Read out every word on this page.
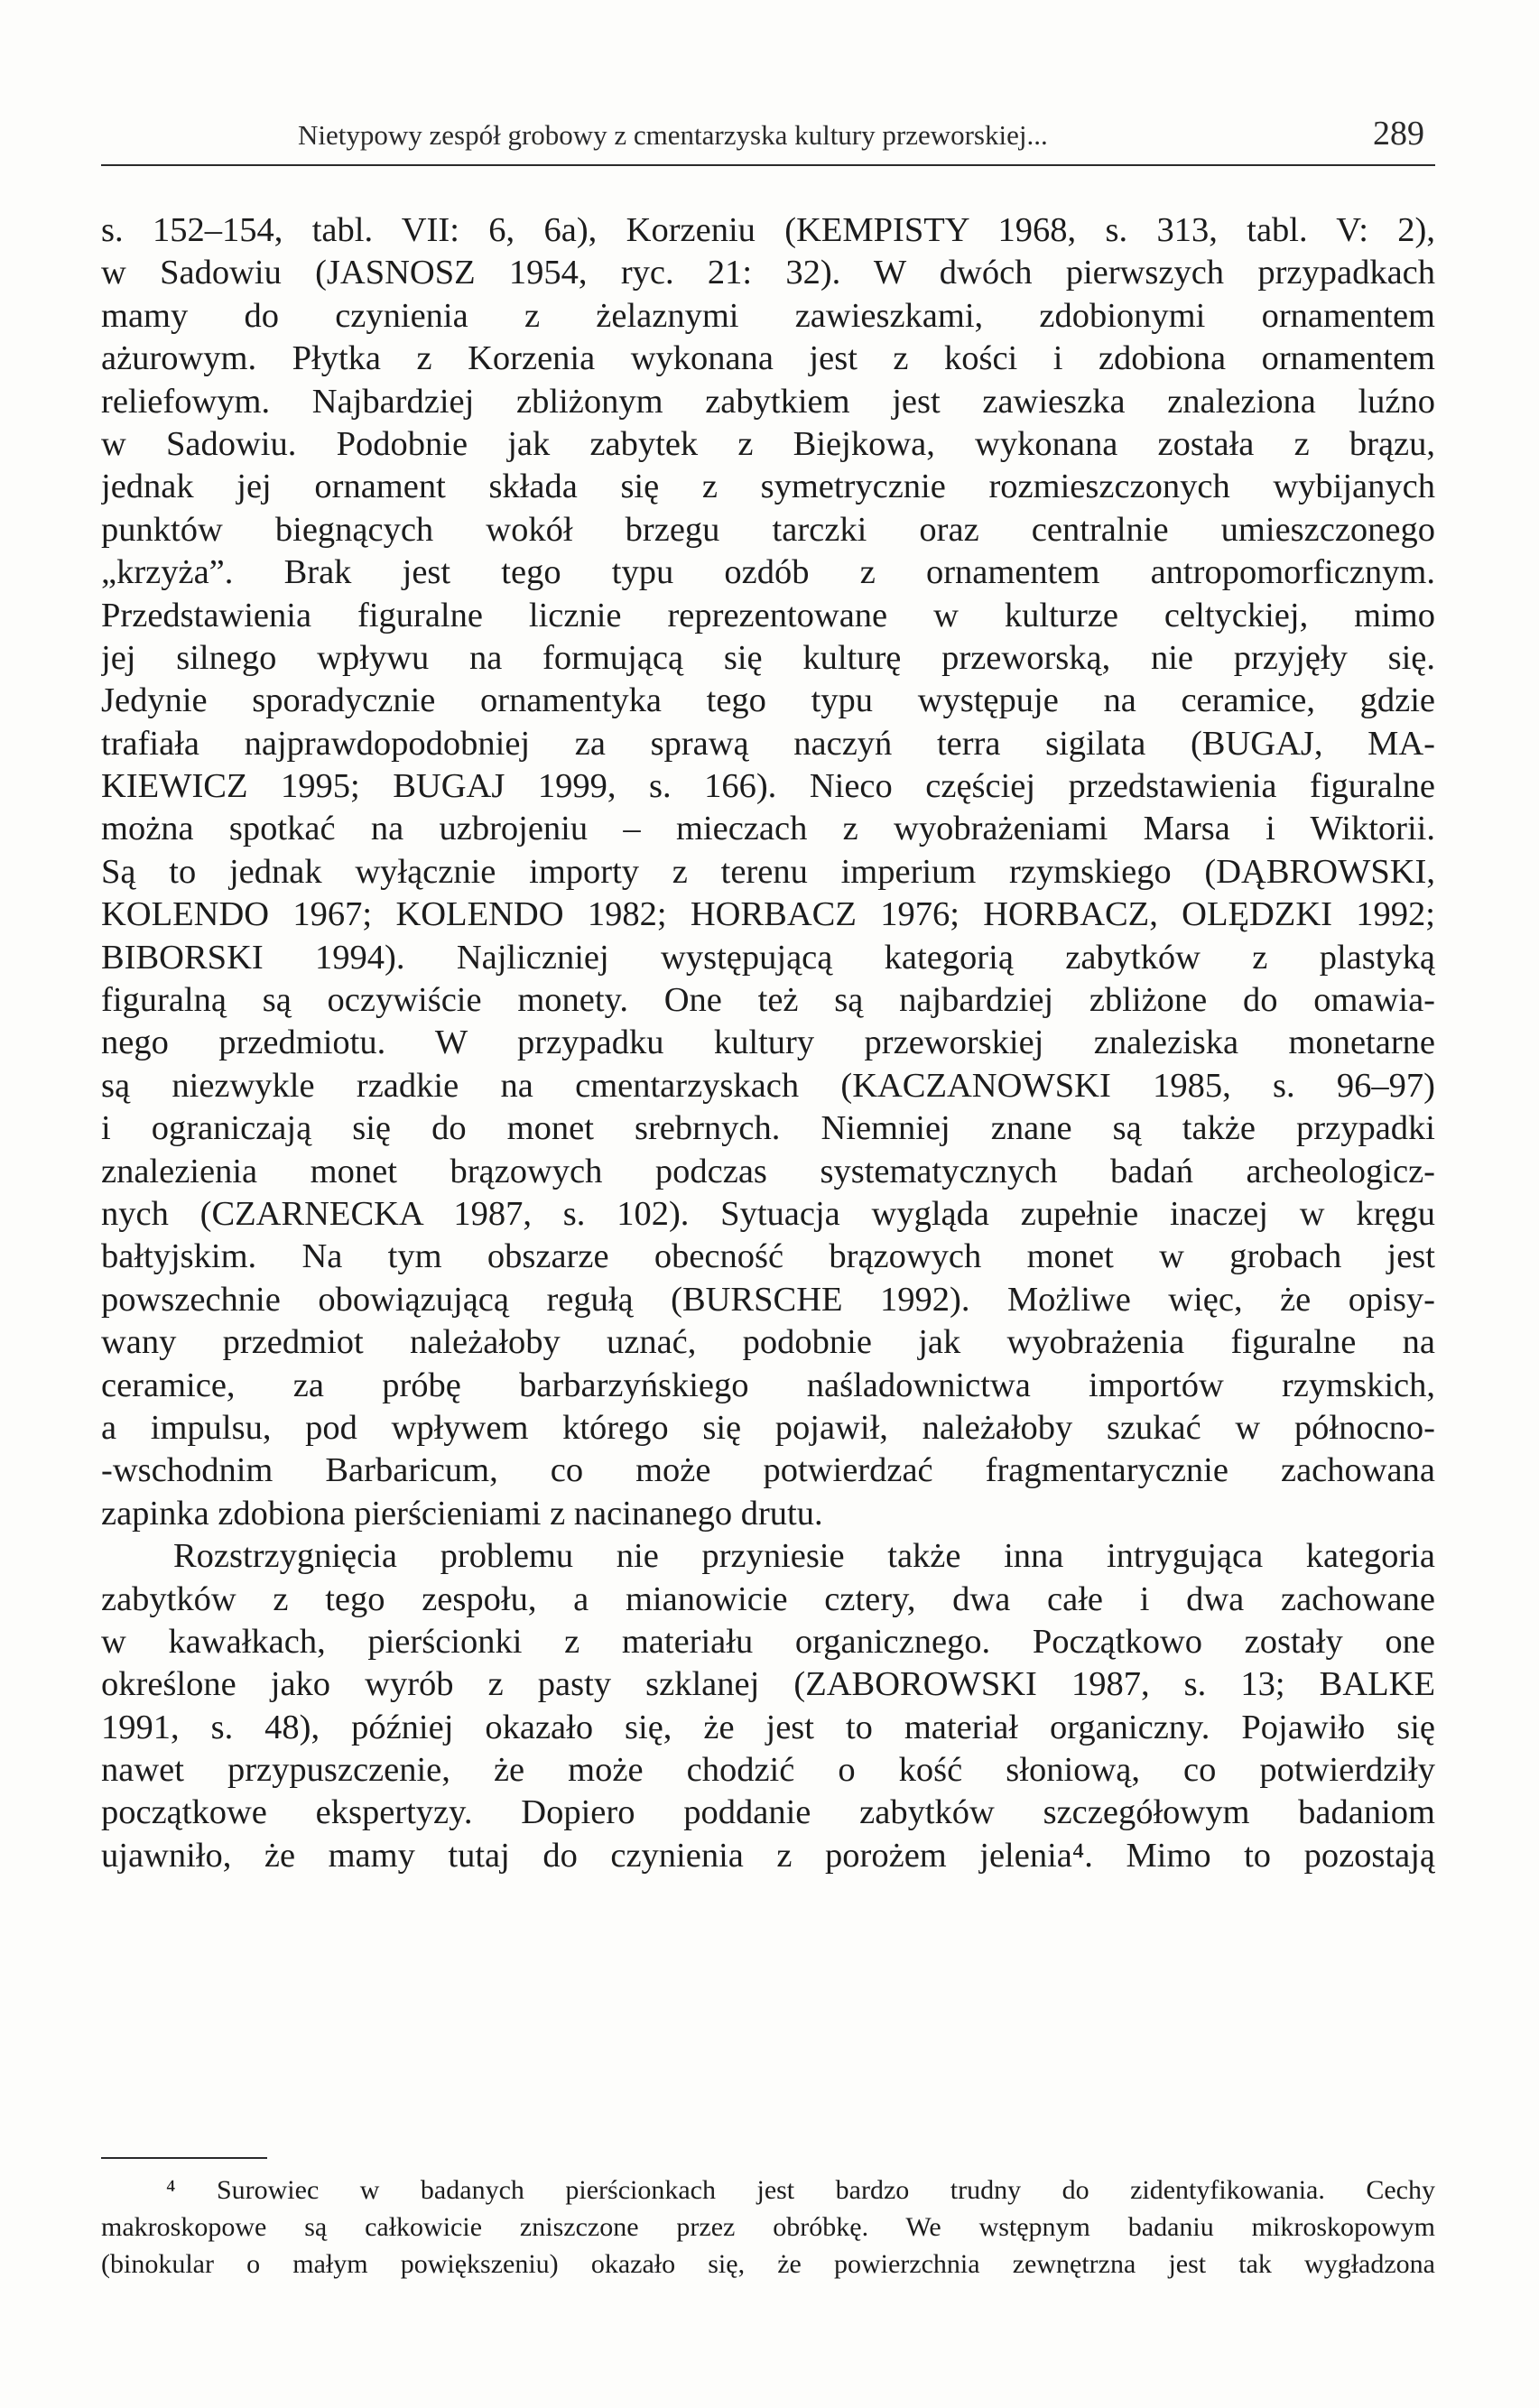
Nietypowy zespół grobowy z cmentarzyska kultury przeworskiej...	289
s. 152–154, tabl. VII: 6, 6a), Korzeniu (KEMPISTY 1968, s. 313, tabl. V: 2),
w Sadowiu (JASNOSZ 1954, ryc. 21: 32). W dwóch pierwszych przypadkach
mamy do czynienia z żelaznymi zawieszkami, zdobionymi ornamentem
ażurowym. Płytka z Korzenia wykonana jest z kości i zdobiona ornamentem
reliefowym. Najbardziej zbliżonym zabytkiem jest zawieszka znaleziona luźno
w Sadowiu. Podobnie jak zabytek z Biejkowa, wykonana została z brązu,
jednak jej ornament składa się z symetrycznie rozmieszczonych wybijanych
punktów biegnących wokół brzegu tarczki oraz centralnie umieszczonego
„krzyża”. Brak jest tego typu ozdób z ornamentem antropomorficznym.
Przedstawienia figuralne licznie reprezentowane w kulturze celtyckiej, mimo
jej silnego wpływu na formującą się kulturę przeworską, nie przyjęły się.
Jedynie sporadycznie ornamentyka tego typu występuje na ceramice, gdzie
trafiała najprawdopodobniej za sprawą naczyń terra sigilata (BUGAJ, MA-
KIEWICZ 1995; BUGAJ 1999, s. 166). Nieco częściej przedstawienia figuralne
można spotkać na uzbrojeniu – mieczach z wyobrażeniami Marsa i Wiktorii.
Są to jednak wyłącznie importy z terenu imperium rzymskiego (DĄBROWSKI,
KOLENDO 1967; KOLENDO 1982; HORBACZ 1976; HORBACZ, OLĘDZKI 1992;
BIBORSKI 1994). Najliczniej występującą kategorią zabytków z plastyką
figuralną są oczywiście monety. One też są najbardziej zbliżone do omawia-
nego przedmiotu. W przypadku kultury przeworskiej znaleziska monetarne
są niezwykle rzadkie na cmentarzyskach (KACZANOWSKI 1985, s. 96–97)
i ograniczają się do monet srebrnych. Niemniej znane są także przypadki
znalezienia monet brązowych podczas systematycznych badań archeologicz-
nych (CZARNECKA 1987, s. 102). Sytuacja wygląda zupełnie inaczej w kręgu
bałtyjskim. Na tym obszarze obecność brązowych monet w grobach jest
powszechnie obowiązującą regułą (BURSCHE 1992). Możliwe więc, że opisy-
wany przedmiot należałoby uznać, podobnie jak wyobrażenia figuralne na
ceramice, za próbę barbarzyńskiego naśladownictwa importów rzymskich,
a impulsu, pod wpływem którego się pojawił, należałoby szukać w północno-
-wschodnim Barbaricum, co może potwierdzać fragmentarycznie zachowana
zapinka zdobiona pierścieniami z nacinanego drutu.
Rozstrzygnięcia problemu nie przyniesie także inna intrygująca kategoria
zabytków z tego zespołu, a mianowicie cztery, dwa całe i dwa zachowane
w kawałkach, pierścionki z materiału organicznego. Początkowo zostały one
określone jako wyrób z pasty szklanej (ZABOROWSKI 1987, s. 13; BALKE
1991, s. 48), później okazało się, że jest to materiał organiczny. Pojawiło się
nawet przypuszczenie, że może chodzić o kość słoniową, co potwierdziły
początkowe ekspertyzy. Dopiero poddanie zabytków szczegółowym badaniom
ujawniło, że mamy tutaj do czynienia z porożem jelenia⁴. Mimo to pozostają
⁴ Surowiec w badanych pierścionkach jest bardzo trudny do zidentyfikowania. Cechy
makroskopowe są całkowicie zniszczone przez obróbkę. We wstępnym badaniu mikroskopowym
(binokular o małym powiększeniu) okazało się, że powierzchnia zewnętrzna jest tak wygładzona
